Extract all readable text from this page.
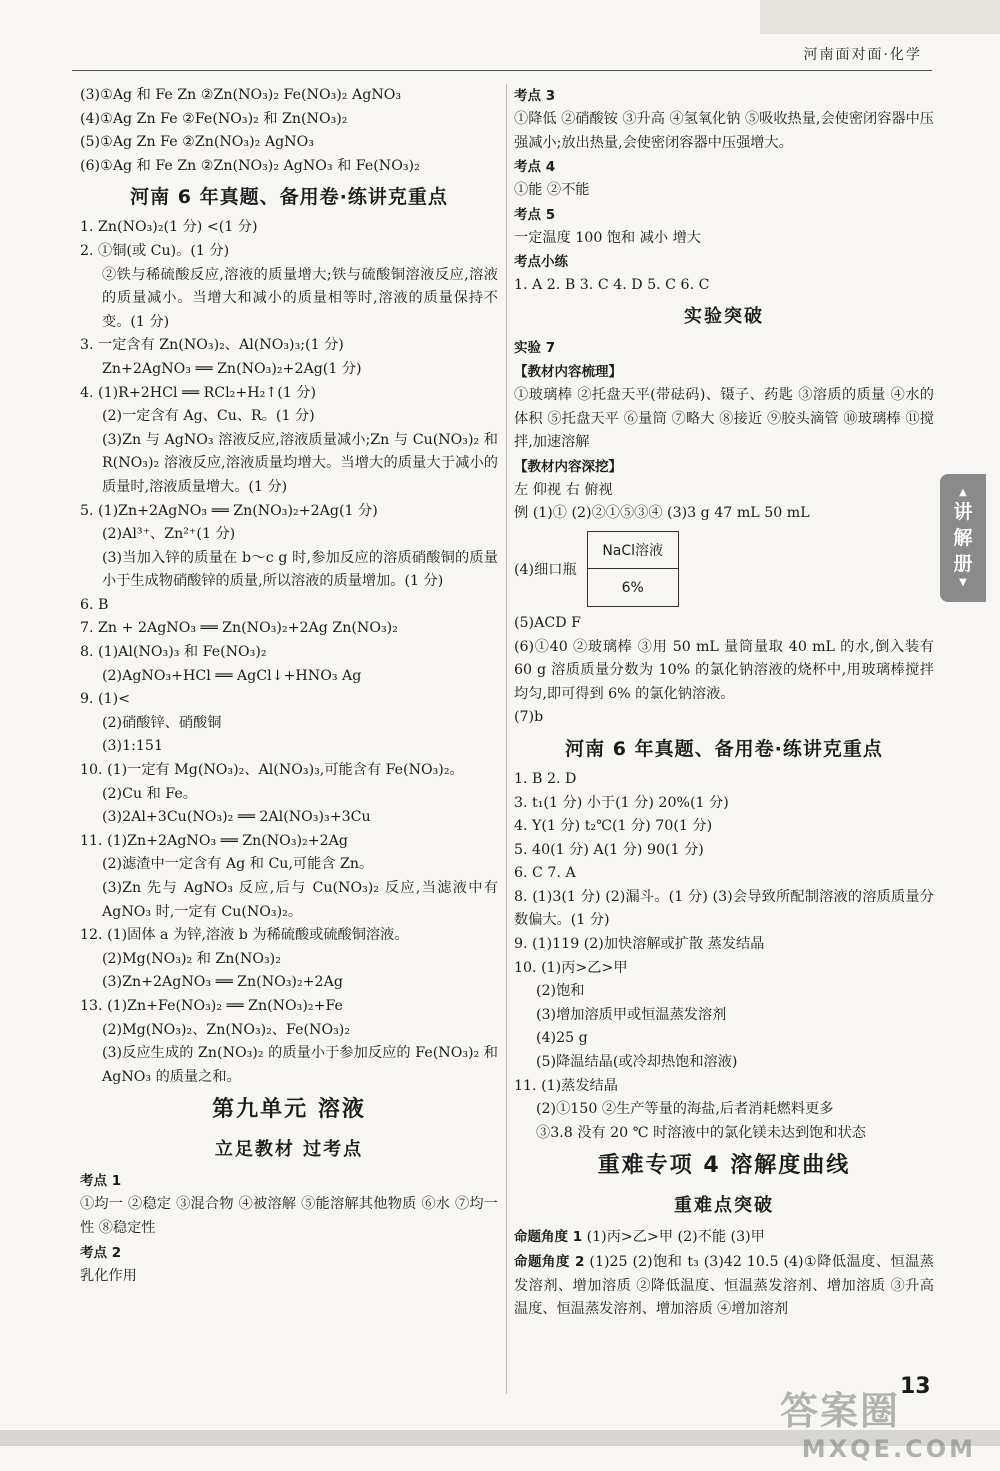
河南面对面·化学
(3)①Ag 和 Fe Zn ②Zn(NO₃)₂ Fe(NO₃)₂ AgNO₃
(4)①Ag Zn Fe ②Fe(NO₃)₂ 和 Zn(NO₃)₂
(5)①Ag Zn Fe ②Zn(NO₃)₂ AgNO₃
(6)①Ag 和 Fe Zn ②Zn(NO₃)₂ AgNO₃ 和 Fe(NO₃)₂
河南 6 年真题、备用卷·练讲克重点
1. Zn(NO₃)₂(1 分) <(1 分)
2. ①铜(或 Cu)。(1 分)
②铁与稀硫酸反应,溶液的质量增大;铁与硫酸铜溶液反应,溶液的质量减小。当增大和减小的质量相等时,溶液的质量保持不变。(1 分)
3. 一定含有 Zn(NO₃)₂、Al(NO₃)₃;(1 分)
Zn+2AgNO₃ ══ Zn(NO₃)₂+2Ag(1 分)
4. (1)R+2HCl ══ RCl₂+H₂↑(1 分)
(2)一定含有 Ag、Cu、R。(1 分)
(3)Zn 与 AgNO₃ 溶液反应,溶液质量减小;Zn 与 Cu(NO₃)₂ 和 R(NO₃)₂ 溶液反应,溶液质量均增大。当增大的质量大于减小的质量时,溶液质量增大。(1 分)
5. (1)Zn+2AgNO₃ ══ Zn(NO₃)₂+2Ag(1 分)
(2)Al³⁺、Zn²⁺(1 分)
(3)当加入锌的质量在 b～c g 时,参加反应的溶质硝酸铜的质量小于生成物硝酸锌的质量,所以溶液的质量增加。(1 分)
6. B
7. Zn + 2AgNO₃ ══ Zn(NO₃)₂+2Ag Zn(NO₃)₂
8. (1)Al(NO₃)₃ 和 Fe(NO₃)₂
(2)AgNO₃+HCl ══ AgCl↓+HNO₃ Ag
9. (1)<
(2)硝酸锌、硝酸铜
(3)1:151
10. (1)一定有 Mg(NO₃)₂、Al(NO₃)₃,可能含有 Fe(NO₃)₂。
(2)Cu 和 Fe。
(3)2Al+3Cu(NO₃)₂ ══ 2Al(NO₃)₃+3Cu
11. (1)Zn+2AgNO₃ ══ Zn(NO₃)₂+2Ag
(2)滤渣中一定含有 Ag 和 Cu,可能含 Zn。
(3)Zn 先与 AgNO₃ 反应,后与 Cu(NO₃)₂ 反应,当滤液中有 AgNO₃ 时,一定有 Cu(NO₃)₂。
12. (1)固体 a 为锌,溶液 b 为稀硫酸或硫酸铜溶液。
(2)Mg(NO₃)₂ 和 Zn(NO₃)₂
(3)Zn+2AgNO₃ ══ Zn(NO₃)₂+2Ag
13. (1)Zn+Fe(NO₃)₂ ══ Zn(NO₃)₂+Fe
(2)Mg(NO₃)₂、Zn(NO₃)₂、Fe(NO₃)₂
(3)反应生成的 Zn(NO₃)₂ 的质量小于参加反应的 Fe(NO₃)₂ 和 AgNO₃ 的质量之和。
第九单元 溶液
立足教材 过考点
考点 1
①均一 ②稳定 ③混合物 ④被溶解 ⑤能溶解其他物质 ⑥水 ⑦均一性 ⑧稳定性
考点 2
乳化作用
考点 3
①降低 ②硝酸铵 ③升高 ④氢氧化钠 ⑤吸收热量,会使密闭容器中压强减小;放出热量,会使密闭容器中压强增大。
考点 4
①能 ②不能
考点 5
一定温度 100 饱和 减小 增大
考点小练
1. A 2. B 3. C 4. D 5. C 6. C
实验突破
实验 7
【教材内容梳理】
①玻璃棒 ②托盘天平(带砝码)、镊子、药匙 ③溶质的质量 ④水的体积 ⑤托盘天平 ⑥量筒 ⑦略大 ⑧接近 ⑨胶头滴管 ⑩玻璃棒 ⑪搅拌,加速溶解
【教材内容深挖】
左 仰视 右 俯视
例 (1)① (2)②①⑤③④ (3)3 g 47 mL 50 mL
(4)细口瓶
NaCl溶液
6%
(5)ACD F
(6)①40 ②玻璃棒 ③用 50 mL 量筒量取 40 mL 的水,倒入装有 60 g 溶质质量分数为 10% 的氯化钠溶液的烧杯中,用玻璃棒搅拌均匀,即可得到 6% 的氯化钠溶液。
(7)b
河南 6 年真题、备用卷·练讲克重点
1. B 2. D
3. t₁(1 分) 小于(1 分) 20%(1 分)
4. Y(1 分) t₂℃(1 分) 70(1 分)
5. 40(1 分) A(1 分) 90(1 分)
6. C 7. A
8. (1)3(1 分) (2)漏斗。(1 分) (3)会导致所配制溶液的溶质质量分数偏大。(1 分)
9. (1)119 (2)加快溶解或扩散 蒸发结晶
10. (1)丙>乙>甲
(2)饱和
(3)增加溶质甲或恒温蒸发溶剂
(4)25 g
(5)降温结晶(或冷却热饱和溶液)
11. (1)蒸发结晶
(2)①150 ②生产等量的海盐,后者消耗燃料更多
③3.8 没有 20 ℃ 时溶液中的氯化镁未达到饱和状态
重难专项 4 溶解度曲线
重难点突破
命题角度 1 (1)丙>乙>甲 (2)不能 (3)甲
命题角度 2 (1)25 (2)饱和 t₃ (3)42 10.5 (4)①降低温度、恒温蒸发溶剂、增加溶质 ②降低温度、恒温蒸发溶剂、增加溶质 ③升高温度、恒温蒸发溶剂、增加溶质 ④增加溶剂
▲
讲
解
册
▼
13
答案圈
MXQE.COM
